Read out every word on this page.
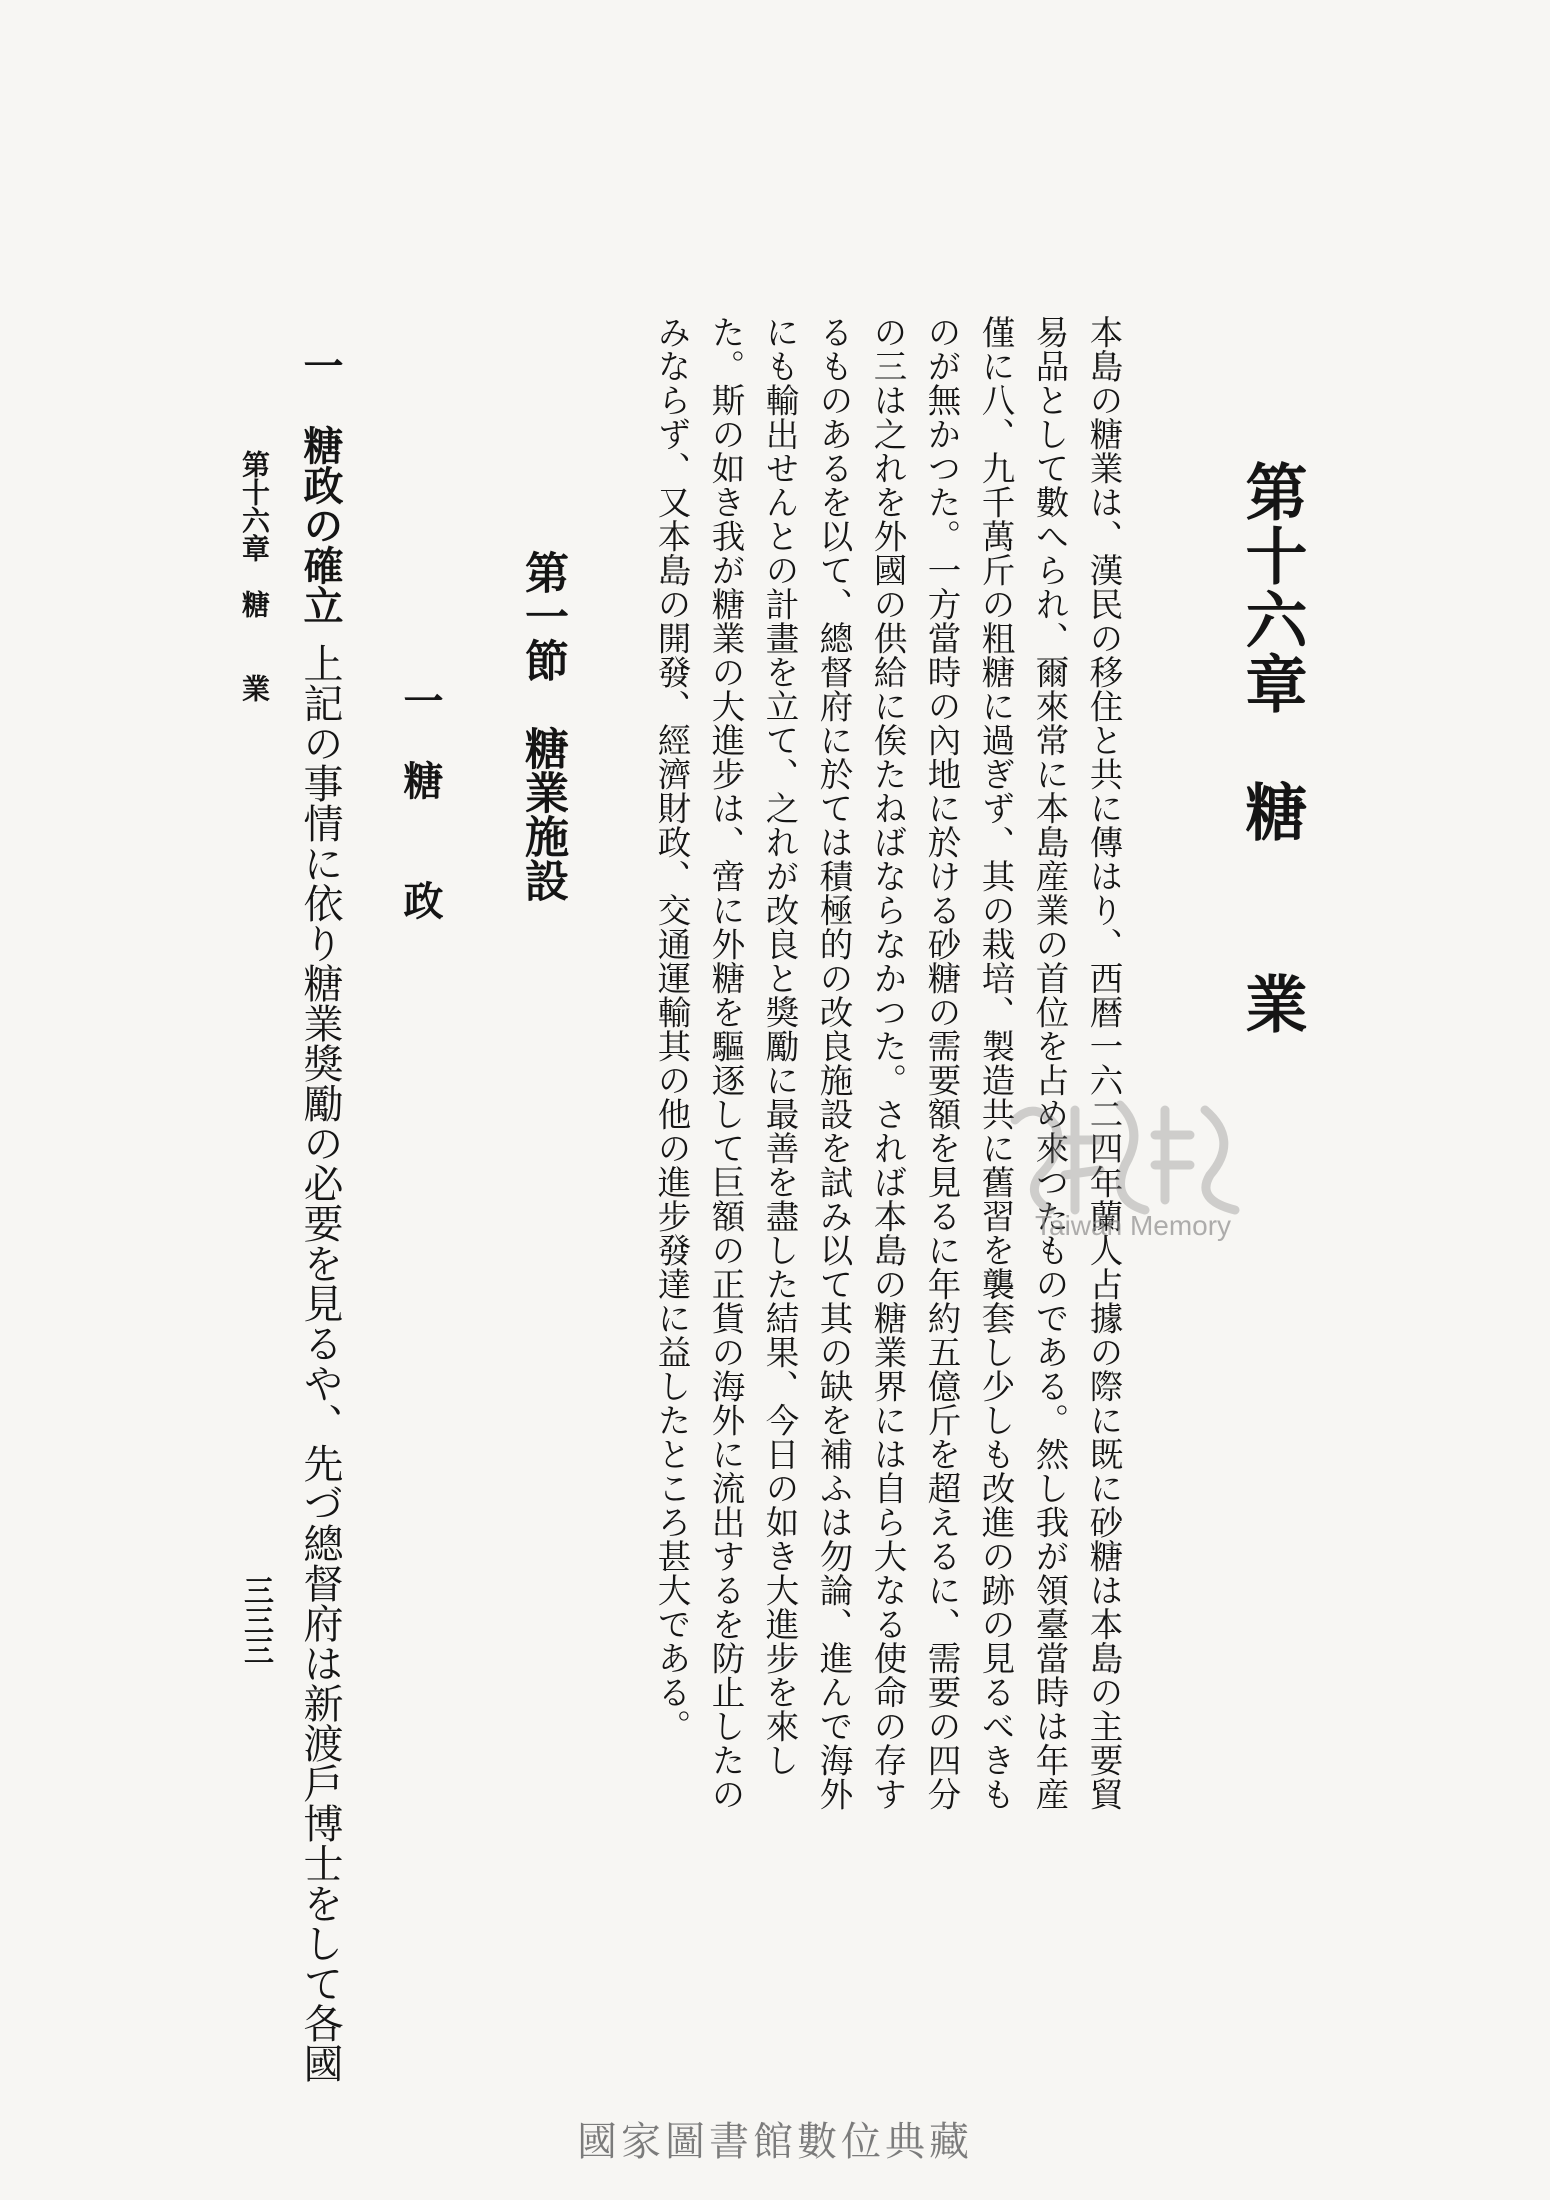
第十六章　糖　　業
本島の糖業は、漢民の移住と共に傳はり、西暦一六二四年蘭人占據の際に既に砂糖は本島の主要貿易品として數へられ、爾來常に本島産業の首位を占め來つたものである。然し我が領臺當時は年産僅に八、九千萬斤の粗糖に過ぎず、其の栽培、製造共に舊習を襲套し少しも改進の跡の見るべきものが無かつた。一方當時の內地に於ける砂糖の需要額を見るに年約五億斤を超えるに、需要の四分の三は之れを外國の供給に俟たねばならなかつた。されば本島の糖業界には自ら大なる使命の存するものあるを以て、總督府に於ては積極的の改良施設を試み以て其の缺を補ふは勿論、進んで海外にも輸出せんとの計畫を立て、之れが改良と獎勵に最善を盡した結果、今日の如き大進步を來した。斯の如き我が糖業の大進步は、啻に外糖を驅逐して巨額の正貨の海外に流出するを防止したのみならず、又本島の開發、經濟財政、交通運輸其の他の進步發達に益したところ甚大である。
第一節　糖業施設
一　糖　　政
一　糖政の確立上記の事情に依り糖業獎勵の必要を見るや、先づ總督府は新渡戶博士をして各國
第十六章　糖　　業
三三三
Taiwan Memory
國家圖書館數位典藏
